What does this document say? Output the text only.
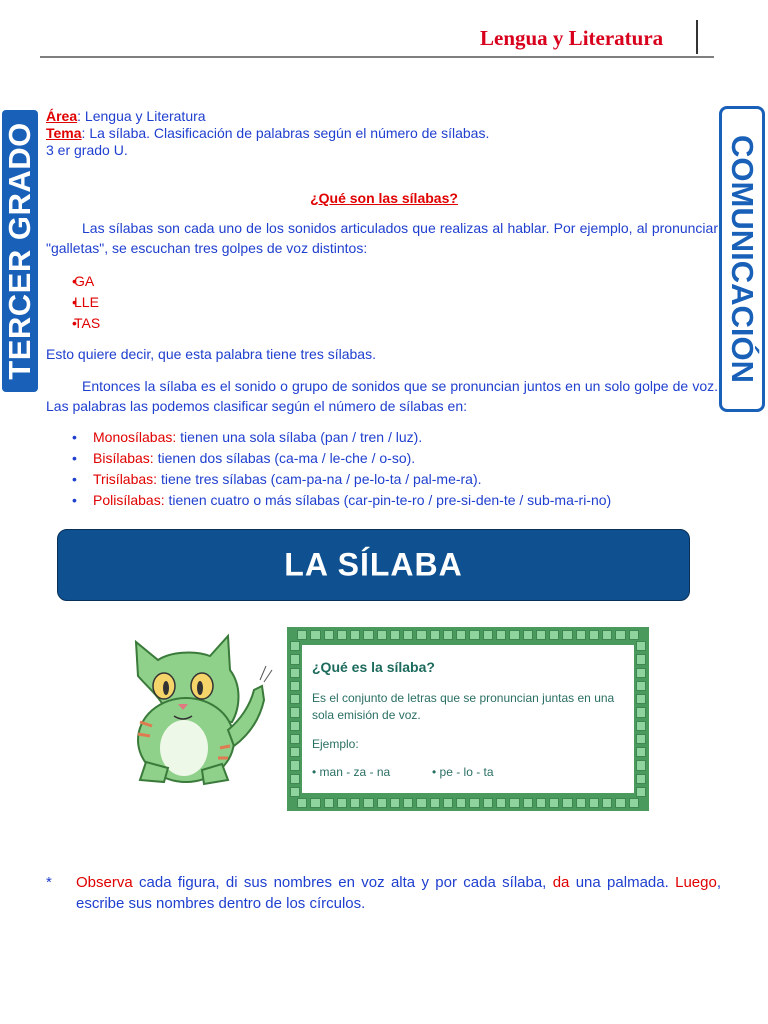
Lengua y Literatura
TERCER GRADO	COMUNICACIÓN
Área: Lengua y Literatura
Tema: La sílaba. Clasificación de palabras según el número de sílabas.
3 er grado U.
¿Qué son las sílabas?
Las sílabas son cada uno de los sonidos articulados que realizas al hablar. Por ejemplo, al pronunciar "galletas", se escuchan tres golpes de voz distintos:
• GA
• LLE
• TAS
Esto quiere decir, que esta palabra tiene tres sílabas.
Entonces la sílaba es el sonido o grupo de sonidos que se pronuncian juntos en un solo golpe de voz. Las palabras las podemos clasificar según el número de sílabas en:
• Monosílabas: tienen una sola sílaba (pan / tren / luz).
• Bisílabas: tienen dos sílabas (ca-ma / le-che / o-so).
• Trisílabas: tiene tres sílabas (cam-pa-na / pe-lo-ta / pal-me-ra).
• Polisílabas: tienen cuatro o más sílabas (car-pin-te-ro / pre-si-den-te / sub-ma-ri-no)
LA SÍLABA
¿Qué es la sílaba?
Es el conjunto de letras que se pronuncian juntas en una sola emisión de voz.
Ejemplo:
• man - za - na	• pe - lo - ta
*	Observa cada figura, di sus nombres en voz alta y por cada sílaba, da una palmada. Luego, escribe sus nombres dentro de los círculos.
